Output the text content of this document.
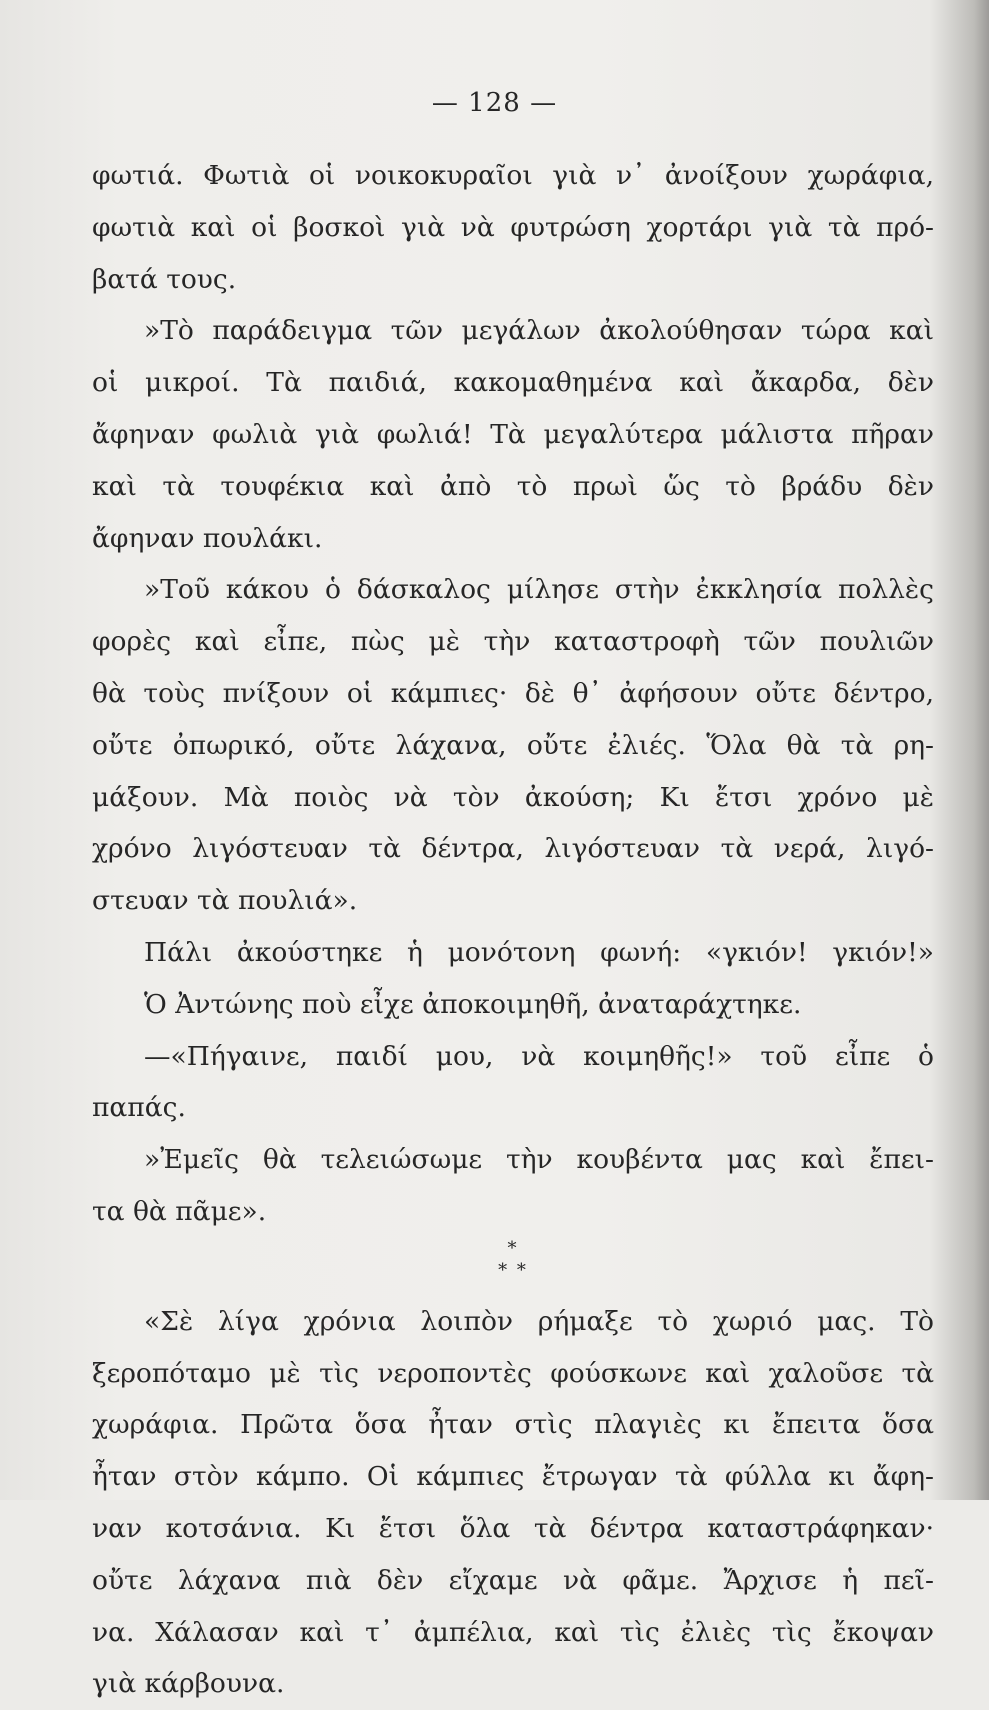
— 128 —
φωτιά. Φωτιὰ οἱ νοικοκυραῖοι γιὰ ν᾽ ἀνοίξουν χωράφια,
φωτιὰ καὶ οἱ βοσκοὶ γιὰ νὰ φυτρώση χορτάρι γιὰ τὰ πρό-
βατά τους.
»Τὸ παράδειγμα τῶν μεγάλων ἀκολούθησαν τώρα καὶ
οἱ μικροί. Τὰ παιδιά, κακομαθημένα καὶ ἄκαρδα, δὲν
ἄφηναν φωλιὰ γιὰ φωλιά! Τὰ μεγαλύτερα μάλιστα πῆραν
καὶ τὰ τουφέκια καὶ ἀπὸ τὸ πρωὶ ὥς τὸ βράδυ δὲν
ἄφηναν πουλάκι.
»Τοῦ κάκου ὁ δάσκαλος μίλησε στὴν ἐκκλησία πολλὲς
φορὲς καὶ εἶπε, πὼς μὲ τὴν καταστροφὴ τῶν πουλιῶν
θὰ τοὺς πνίξουν οἱ κάμπιες· δὲ θ᾽ ἀφήσουν οὔτε δέντρο,
οὔτε ὀπωρικό, οὔτε λάχανα, οὔτε ἐλιές. Ὅλα θὰ τὰ ρη-
μάξουν. Μὰ ποιὸς νὰ τὸν ἀκούση; Κι ἔτσι χρόνο μὲ
χρόνο λιγόστευαν τὰ δέντρα, λιγόστευαν τὰ νερά, λιγό-
στευαν τὰ πουλιά».
Πάλι ἀκούστηκε ἡ μονότονη φωνή: «γκιόν! γκιόν!»
Ὁ Ἀντώνης ποὺ εἶχε ἀποκοιμηθῆ, ἀναταράχτηκε.
—«Πήγαινε, παιδί μου, νὰ κοιμηθῆς!» τοῦ εἶπε ὁ
παπάς.
»Ἐμεῖς θὰ τελειώσωμε τὴν κουβέντα μας καὶ ἔπει-
τα θὰ πᾶμε».
*
* *
«Σὲ λίγα χρόνια λοιπὸν ρήμαξε τὸ χωριό μας. Τὸ
ξεροπόταμο μὲ τὶς νεροποντὲς φούσκωνε καὶ χαλοῦσε τὰ
χωράφια. Πρῶτα ὅσα ἦταν στὶς πλαγιὲς κι ἔπειτα ὅσα
ἦταν στὸν κάμπο. Οἱ κάμπιες ἔτρωγαν τὰ φύλλα κι ἄφη-
ναν κοτσάνια. Κι ἔτσι ὅλα τὰ δέντρα καταστράφηκαν·
οὔτε λάχανα πιὰ δὲν εἴχαμε νὰ φᾶμε. Ἄρχισε ἡ πεῖ-
να. Χάλασαν καὶ τ᾽ ἀμπέλια, καὶ τὶς ἐλιὲς τὶς ἔκοψαν
γιὰ κάρβουνα.
